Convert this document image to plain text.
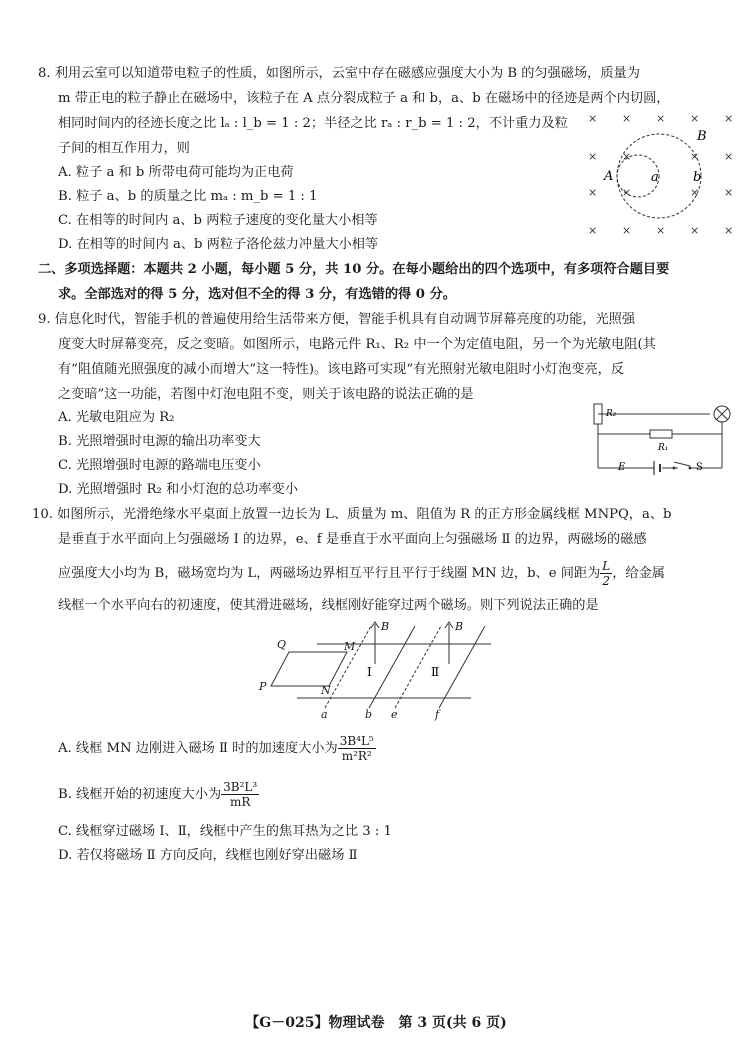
8. 利用云室可以知道带电粒子的性质，如图所示，云室中存在磁感应强度大小为 B 的匀强磁场，质量为
m 带正电的粒子静止在磁场中，该粒子在 A 点分裂成粒子 a 和 b，a、b 在磁场中的径迹是两个内切圆，
相同时间内的径迹长度之比 lₐ : l_b = 1 : 2；半径之比 rₐ : r_b = 1 : 2，不计重力及粒
子间的相互作用力，则
A. 粒子 a 和 b 所带电荷可能均为正电荷
B. 粒子 a、b 的质量之比 mₐ : m_b = 1 : 1
C. 在相等的时间内 a、b 两粒子速度的变化量大小相等
D. 在相等的时间内 a、b 两粒子洛伦兹力冲量大小相等
× × × × ×
× ×	× ×
× ×	× ×
× × × × ×
A	a	b
B
二、多项选择题：本题共 2 小题，每小题 5 分，共 10 分。在每小题给出的四个选项中，有多项符合题目要
求。全部选对的得 5 分，选对但不全的得 3 分，有选错的得 0 分。
9. 信息化时代，智能手机的普遍使用给生活带来方便，智能手机具有自动调节屏幕亮度的功能，光照强
度变大时屏幕变亮，反之变暗。如图所示，电路元件 R₁、R₂ 中一个为定值电阻，另一个为光敏电阻(其
有“阻值随光照强度的减小而增大”这一特性)。该电路可实现“有光照射光敏电阻时小灯泡变亮，反
之变暗”这一功能，若图中灯泡电阻不变，则关于该电路的说法正确的是
A. 光敏电阻应为 R₂
B. 光照增强时电源的输出功率变大
C. 光照增强时电源的路端电压变小
D. 光照增强时 R₂ 和小灯泡的总功率变小
R₂
R₁
E	S
10. 如图所示，光滑绝缘水平桌面上放置一边长为 L、质量为 m、阻值为 R 的正方形金属线框 MNPQ，a、b
是垂直于水平面向上匀强磁场 Ⅰ 的边界，e、f 是垂直于水平面向上匀强磁场 Ⅱ 的边界，两磁场的磁感
应强度大小均为 B，磁场宽均为 L，两磁场边界相互平行且平行于线圈 MN 边，b、e 间距为 $\frac{L}{2}$ ，给金属
线框一个水平向右的初速度，使其滑进磁场，线框刚好能穿过两个磁场。则下列说法正确的是
Q	M
P	N
B	B
a	b e	f
Ⅰ	Ⅱ
A. 线框 MN 边刚进入磁场 Ⅱ 时的加速度大小为 $\frac{\text{3B⁴L⁵}}{\text{m²R²}}$
B. 线框开始的初速度大小为 $\frac{\text{3B²L³}}{mR}$
C. 线框穿过磁场 Ⅰ、Ⅱ，线框中产生的焦耳热为之比 3 : 1
D. 若仅将磁场 Ⅱ 方向反向，线框也刚好穿出磁场 Ⅱ
【G－025】物理试卷　第 3 页(共 6 页)
